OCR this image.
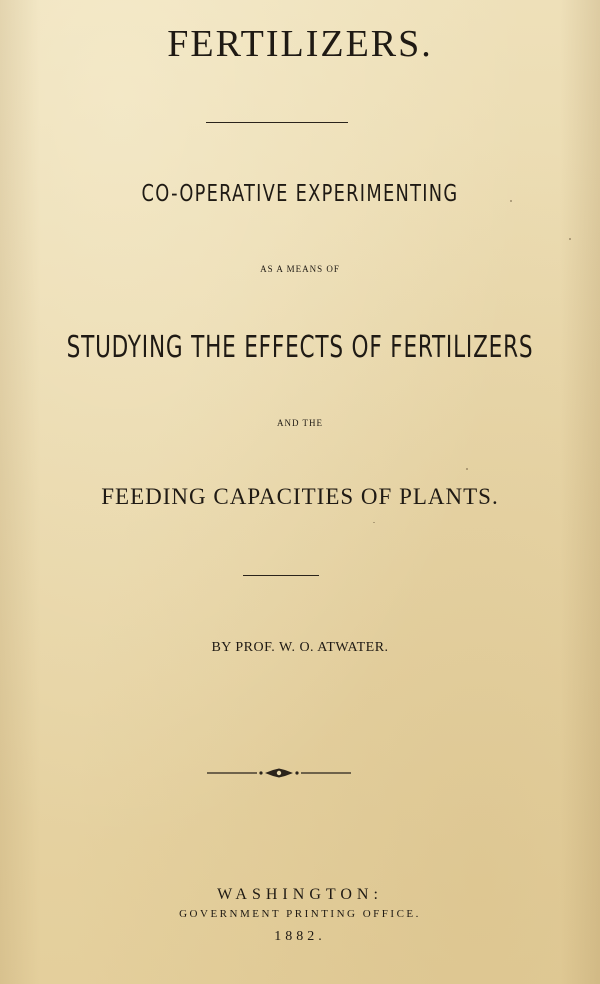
FERTILIZERS.
CO-OPERATIVE EXPERIMENTING
AS A MEANS OF
STUDYING THE EFFECTS OF FERTILIZERS
AND THE
FEEDING CAPACITIES OF PLANTS.
BY PROF. W. O. ATWATER.
WASHINGTON:
GOVERNMENT PRINTING OFFICE.
1882.
